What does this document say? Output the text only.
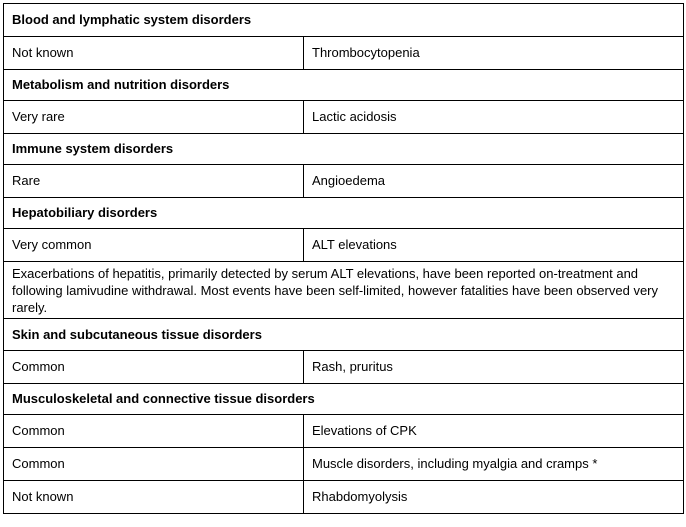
Blood and lymphatic system disorders	
Not known	Thrombocytopenia
Metabolism and nutrition disorders	
Very rare	Lactic acidosis
Immune system disorders	
Rare	Angioedema
Hepatobiliary disorders	
Very common	ALT elevations
Exacerbations of hepatitis, primarily detected by serum ALT elevations, have been reported on-treatment and following lamivudine withdrawal. Most events have been self-limited, however fatalities have been observed very rarely.	
Skin and subcutaneous tissue disorders	
Common	Rash, pruritus
Musculoskeletal and connective tissue disorders	
Common	Elevations of CPK
Common	Muscle disorders, including myalgia and cramps *
Not known	Rhabdomyolysis
